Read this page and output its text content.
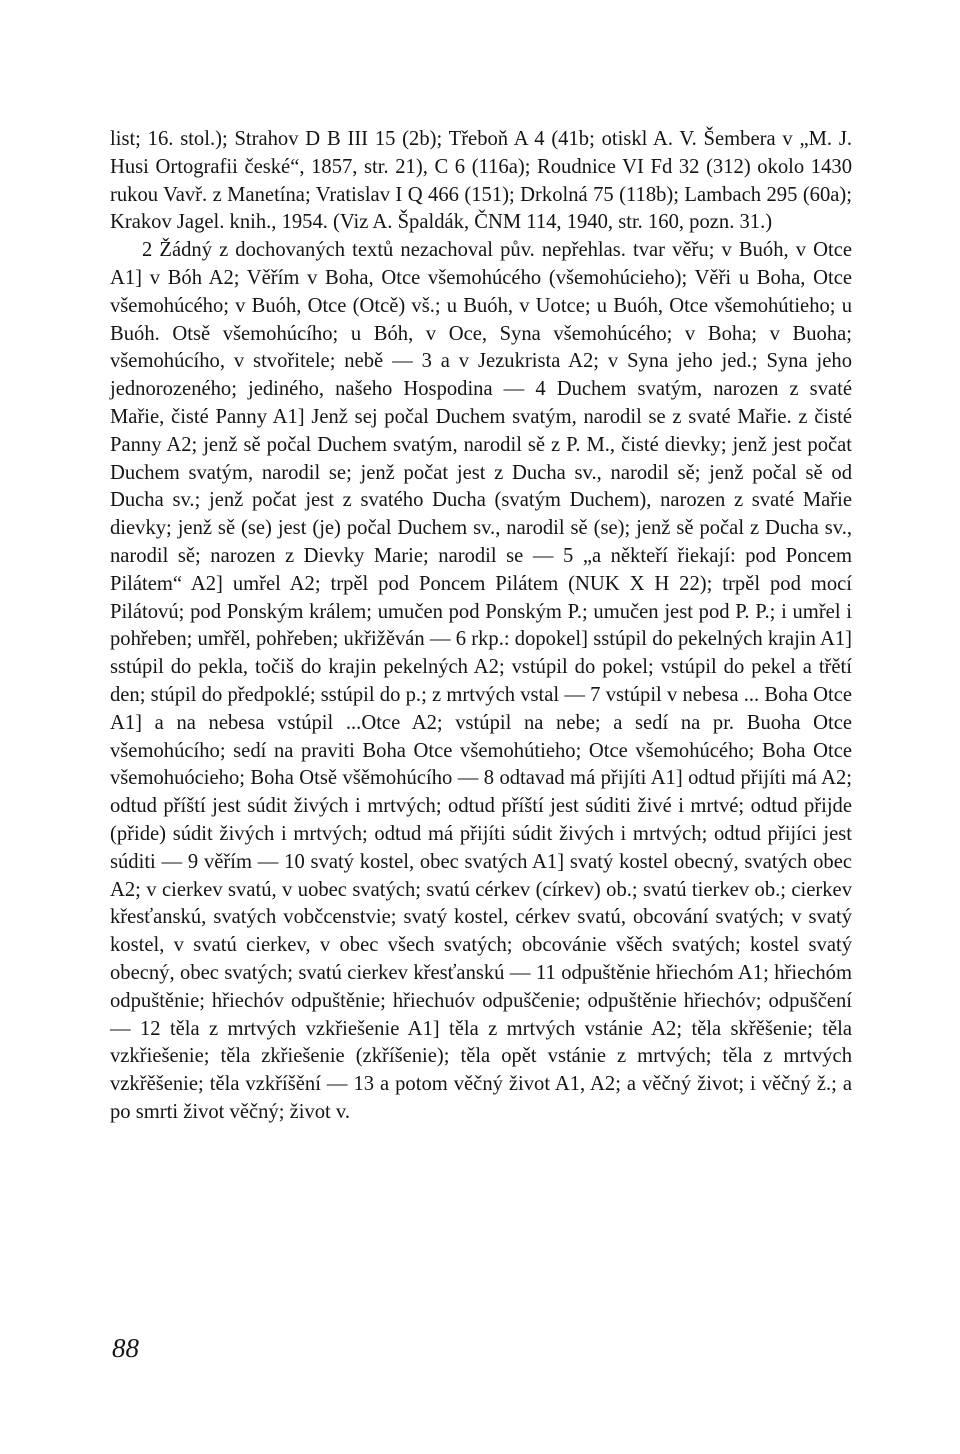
list; 16. stol.); Strahov D B III 15 (2b); Třeboň A 4 (41b; otiskl A. V. Šembera v „M. J. Husi Ortografii české“, 1857, str. 21), C 6 (116a); Roudnice VI Fd 32 (312) okolo 1430 rukou Vavř. z Manetína; Vratislav I Q 466 (151); Drkolná 75 (118b); Lambach 295 (60a); Krakov Jagel. knih., 1954. (Viz A. Špaldák, ČNM 114, 1940, str. 160, pozn. 31.)

2 Žádný z dochovaných textů nezachoval pův. nepřehlas. tvar věřu; v Buóh, v Otce A1] v Bóh A2; Věřím v Boha, Otce všemohúcého (všemohúcieho); Věři u Boha, Otce všemohúcého; v Buóh, Otce (Otcě) vš.; u Buóh, v Uotce; u Buóh, Otce všemohútieho; u Buóh. Otsě všemohúcího; u Bóh, v Oce, Syna všemohúcého; v Boha; v Buoha; všemohúcího, v stvořitele; nebě — 3 a v Jezukrista A2; v Syna jeho jed.; Syna jeho jednorozeného; jediného, našeho Hospodina — 4 Duchem svatým, narozen z svaté Mařie, čisté Panny A1] Jenž sej počal Duchem svatým, narodil se z svaté Mařie. z čisté Panny A2; jenž sě počal Duchem svatým, narodil sě z P. M., čisté dievky; jenž jest počat Duchem svatým, narodil se; jenž počat jest z Ducha sv., narodil sě; jenž počal sě od Ducha sv.; jenž počat jest z svatého Ducha (svatým Duchem), narozen z svaté Mařie dievky; jenž sě (se) jest (je) počal Duchem sv., narodil sě (se); jenž sě počal z Ducha sv., narodil sě; narozen z Dievky Marie; narodil se — 5 „a někteří řiekají: pod Poncem Pilátem“ A2] umřel A2; trpěl pod Poncem Pilátem (NUK X H 22); trpěl pod mocí Pilátovú; pod Ponským králem; umučen pod Ponským P.; umučen jest pod P. P.; i umřel i pohřeben; umřěl, pohřeben; ukřižěván — 6 rkp.: dopokel] sstúpil do pekelných krajin A1] sstúpil do pekla, točiš do krajin pekelných A2; vstúpil do pokel; vstúpil do pekel a třětí den; stúpil do předpoklé; sstúpil do p.; z mrtvých vstal — 7 vstúpil v nebesa ... Boha Otce A1] a na nebesa vstúpil ...Otce A2; vstúpil na nebe; a sedí na pr. Buoha Otce všemohúcího; sedí na praviti Boha Otce všemohútieho; Otce všemohúcého; Boha Otce všemohuócieho; Boha Otsě všěmohúcího — 8 odtavad má přijíti A1] odtud přijíti má A2; odtud příští jest súdit živých i mrtvých; odtud příští jest súditi živé i mrtvé; odtud přijde (přide) súdit živých i mrtvých; odtud má přijíti súdit živých i mrtvých; odtud přijíci jest súditi — 9 věřím — 10 svatý kostel, obec svatých A1] svatý kostel obecný, svatých obec A2; v cierkev svatú, v uobec svatých; svatú cérkev (církev) ob.; svatú tierkev ob.; cierkev křesťanskú, svatých vobčcenstvie; svatý kostel, cérkev svatú, obcování svatých; v svatý kostel, v svatú cierkev, v obec všech svatých; obcovánie všěch svatých; kostel svatý obecný, obec svatých; svatú cierkev křesťanskú — 11 odpuštěnie hřiechóm A1; hřiechóm odpuštěnie; hřiechóv odpuštěnie; hřiechuóv odpuščenie; odpuštěnie hřiechóv; odpuščení — 12 těla z mrtvých vzkřiešenie A1] těla z mrtvých vstánie A2; těla skřěšenie; těla vzkřiešenie; těla zkřiešenie (zkříšenie); těla opět vstánie z mrtvých; těla z mrtvých vzkřěšenie; těla vzkříšění — 13 a potom věčný život A1, A2; a věčný život; i věčný ž.; a po smrti život věčný; život v.

88
